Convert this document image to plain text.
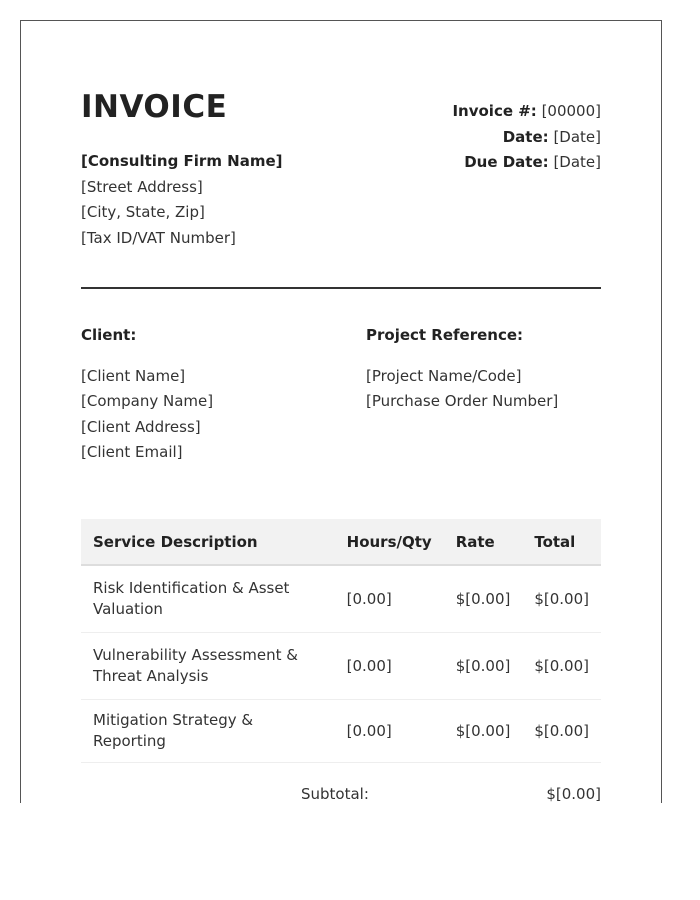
INVOICE	Invoice #: [00000]
Date: [Date]
Due Date: [Date]
[Consulting Firm Name]
[Street Address]
[City, State, Zip]
[Tax ID/VAT Number]
Client:
[Client Name]
[Company Name]
[Client Address]
[Client Email]
Project Reference:
[Project Name/Code]
[Purchase Order Number]
Service Description	Hours/Qty	Rate	Total
Risk Identification & Asset Valuation	[0.00]	$[0.00]	$[0.00]
Vulnerability Assessment & Threat Analysis	[0.00]	$[0.00]	$[0.00]
Mitigation Strategy & Reporting	[0.00]	$[0.00]	$[0.00]
Subtotal:	$[0.00]
